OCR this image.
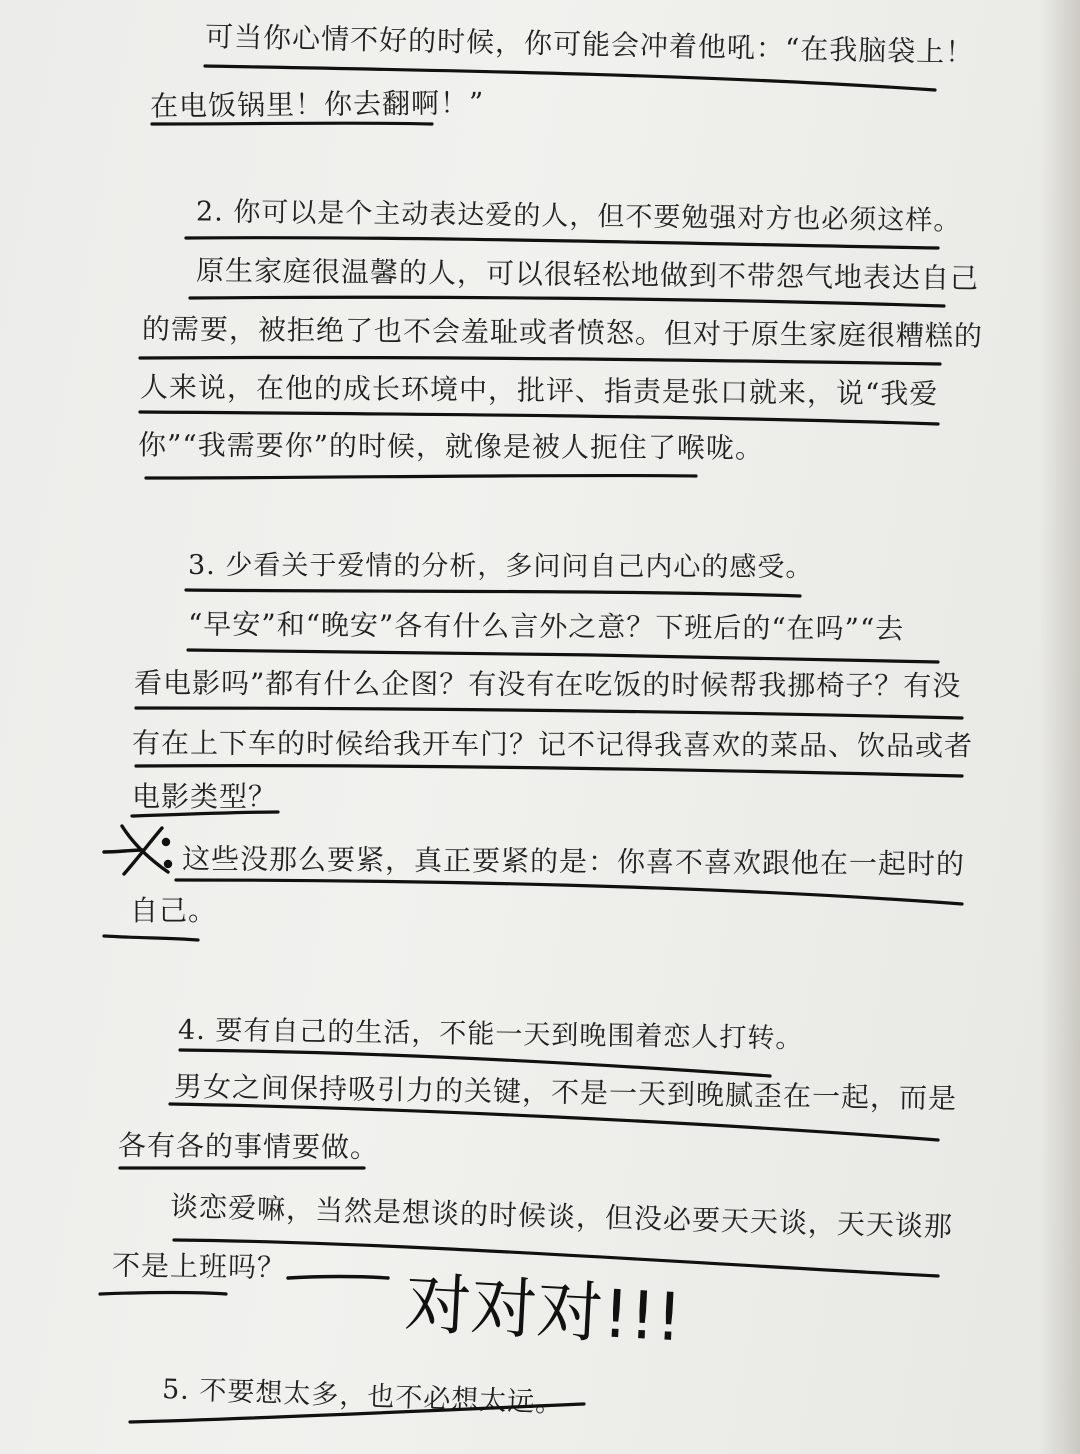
可当你心情不好的时候，你可能会冲着他吼：“在我脑袋上！
在电饭锅里！你去翻啊！”
2. 你可以是个主动表达爱的人，但不要勉强对方也必须这样。
原生家庭很温馨的人，可以很轻松地做到不带怨气地表达自己
的需要，被拒绝了也不会羞耻或者愤怒。但对于原生家庭很糟糕的
人来说，在他的成长环境中，批评、指责是张口就来，说“我爱
你”“我需要你”的时候，就像是被人扼住了喉咙。
3. 少看关于爱情的分析，多问问自己内心的感受。
“早安”和“晚安”各有什么言外之意？下班后的“在吗”“去
看电影吗”都有什么企图？有没有在吃饭的时候帮我挪椅子？有没
有在上下车的时候给我开车门？记不记得我喜欢的菜品、饮品或者
电影类型？
这些没那么要紧，真正要紧的是：你喜不喜欢跟他在一起时的
自己。
4. 要有自己的生活，不能一天到晚围着恋人打转。
男女之间保持吸引力的关键，不是一天到晚腻歪在一起，而是
各有各的事情要做。
谈恋爱嘛，当然是想谈的时候谈，但没必要天天谈，天天谈那
不是上班吗？
5. 不要想太多，也不必想太远。
对对对!!!
